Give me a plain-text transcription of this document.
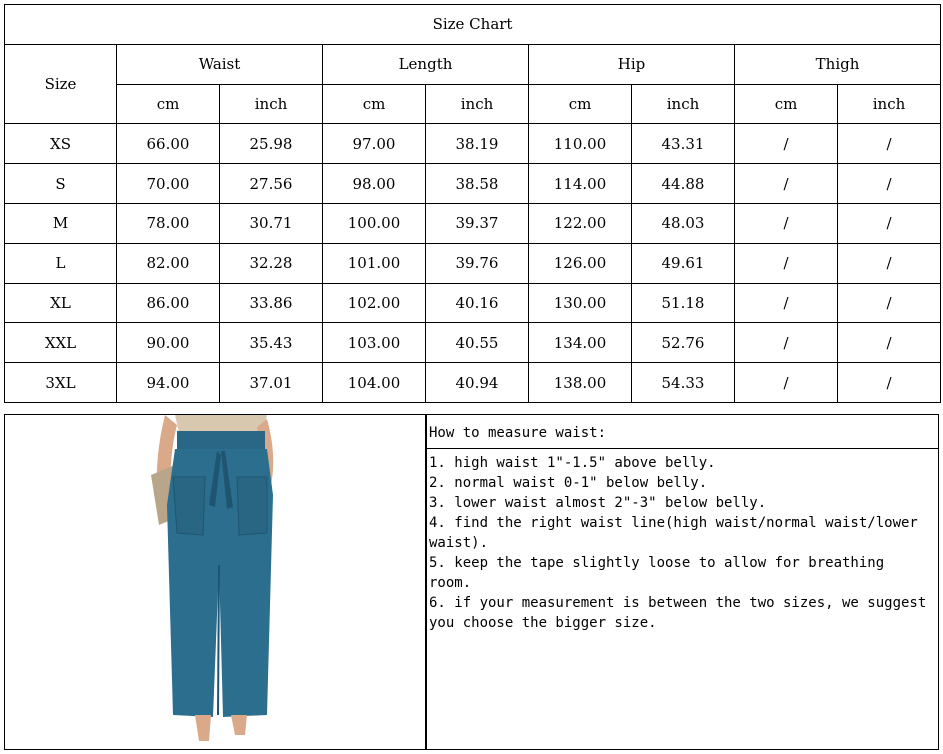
Size Chart								
Size	Waist		Length		Hip		Thigh	
	cm	inch	cm	inch	cm	inch	cm	inch
XS	66.00	25.98	97.00	38.19	110.00	43.31	/	/
S	70.00	27.56	98.00	38.58	114.00	44.88	/	/
M	78.00	30.71	100.00	39.37	122.00	48.03	/	/
L	82.00	32.28	101.00	39.76	126.00	49.61	/	/
XL	86.00	33.86	102.00	40.16	130.00	51.18	/	/
XXL	90.00	35.43	103.00	40.55	134.00	52.76	/	/
3XL	94.00	37.01	104.00	40.94	138.00	54.33	/	/
How to measure waist:
1. high waist 1"-1.5" above belly.
2. normal waist 0-1" below belly.
3. lower waist almost 2"-3" below belly.
4. find the right waist line(high waist/normal waist/lower waist).
5. keep the tape slightly loose to allow for breathing room.
6. if your measurement is between the two sizes, we suggest you choose the bigger size.
